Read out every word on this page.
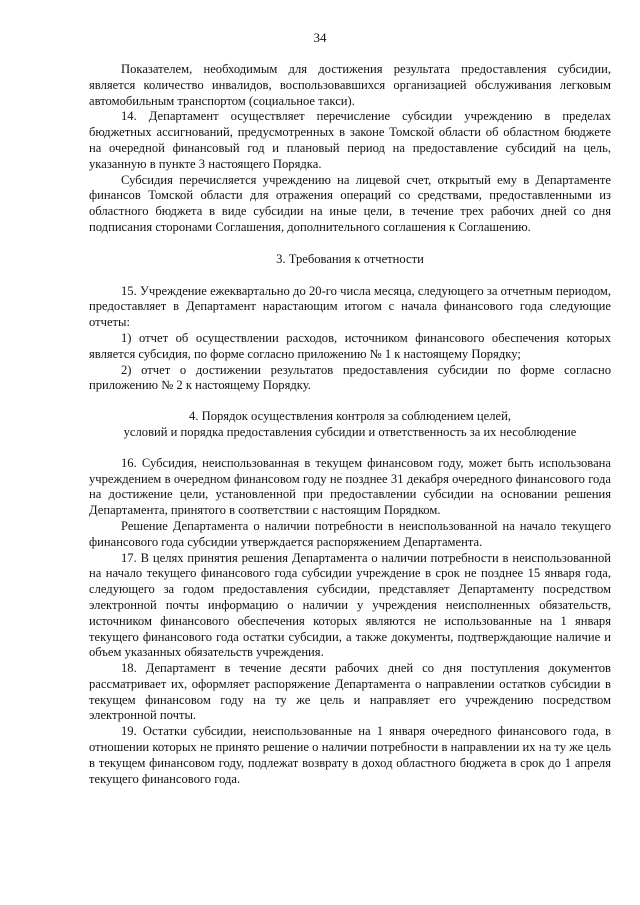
34

Показателем, необходимым для достижения результата предоставления субсидии, является количество инвалидов, воспользовавшихся организацией обслуживания легковым автомобильным транспортом (социальное такси).

14. Департамент осуществляет перечисление субсидии учреждению в пределах бюджетных ассигнований, предусмотренных в законе Томской области об областном бюджете на очередной финансовый год и плановый период на предоставление субсидий на цель, указанную в пункте 3 настоящего Порядка.

Субсидия перечисляется учреждению на лицевой счет, открытый ему в Департаменте финансов Томской области для отражения операций со средствами, предоставленными из областного бюджета в виде субсидии на иные цели, в течение трех рабочих дней со дня подписания сторонами Соглашения, дополнительного соглашения к Соглашению.

3. Требования к отчетности

15. Учреждение ежеквартально до 20-го числа месяца, следующего за отчетным периодом, предоставляет в Департамент нарастающим итогом с начала финансового года следующие отчеты:

1) отчет об осуществлении расходов, источником финансового обеспечения которых является субсидия, по форме согласно приложению № 1 к настоящему Порядку;

2) отчет о достижении результатов предоставления субсидии по форме согласно приложению № 2 к настоящему Порядку.

4. Порядок осуществления контроля за соблюдением целей,

условий и порядка предоставления субсидии и ответственность за их несоблюдение

16. Субсидия, неиспользованная в текущем финансовом году, может быть использована учреждением в очередном финансовом году не позднее 31 декабря очередного финансового года на достижение цели, установленной при предоставлении субсидии на основании решения Департамента, принятого в соответствии с настоящим Порядком.

Решение Департамента о наличии потребности в неиспользованной на начало текущего финансового года субсидии утверждается распоряжением Департамента.

17. В целях принятия решения Департамента о наличии потребности в неиспользованной на начало текущего финансового года субсидии учреждение в срок не позднее 15 января года, следующего за годом предоставления субсидии, представляет Департаменту посредством электронной почты информацию о наличии у учреждения неисполненных обязательств, источником финансового обеспечения которых являются не использованные на 1 января текущего финансового года остатки субсидии, а также документы, подтверждающие наличие и объем указанных обязательств учреждения.

18. Департамент в течение десяти рабочих дней со дня поступления документов рассматривает их, оформляет распоряжение Департамента о направлении остатков субсидии в текущем финансовом году на ту же цель и направляет его учреждению посредством электронной почты.

19. Остатки субсидии, неиспользованные на 1 января очередного финансового года, в отношении которых не принято решение о наличии потребности в направлении их на ту же цель в текущем финансовом году, подлежат возврату в доход областного бюджета в срок до 1 апреля текущего финансового года.
